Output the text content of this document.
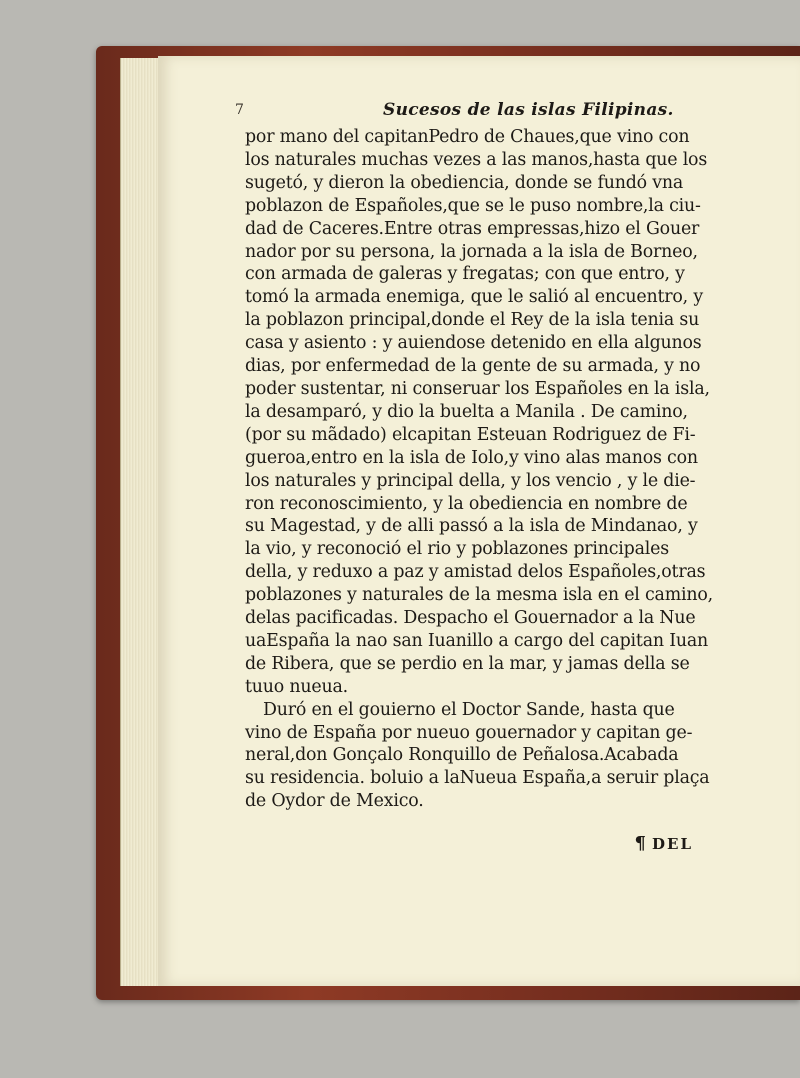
7	Sucesos de las islas Filipinas.
por mano del capitanPedro de Chaues,que vino con
los naturales muchas vezes a las manos,hasta que los
sugetó, y dieron la obediencia, donde se fundó vna
poblazon de Españoles,que se le puso nombre,la ciu-
dad de Caceres.Entre otras empressas,hizo el Gouer
nador por su persona, la jornada a la isla de Borneo,
con armada de galeras y fregatas; con que entro, y
tomó la armada enemiga, que le salió al encuentro, y
la poblazon principal,donde el Rey de la isla tenia su
casa y asiento : y auiendose detenido en ella algunos
dias, por enfermedad de la gente de su armada, y no
poder sustentar, ni conseruar los Españoles en la isla,
la desamparó, y dio la buelta a Manila . De camino,
(por su mãdado) elcapitan Esteuan Rodriguez de Fi-
gueroa,entro en la isla de Iolo,y vino alas manos con
los naturales y principal della, y los vencio , y le die-
ron reconoscimiento, y la obediencia en nombre de
su Magestad, y de alli passó a la isla de Mindanao, y
la vio, y reconoció el rio y poblazones principales
della, y reduxo a paz y amistad delos Españoles,otras
poblazones y naturales de la mesma isla en el camino,
delas pacificadas. Despacho el Gouernador a la Nue
uaEspaña la nao san Iuanillo a cargo del capitan Iuan
de Ribera, que se perdio en la mar, y jamas della se
tuuo nueua.
Duró en el gouierno el Doctor Sande, hasta que
vino de España por nueuo gouernador y capitan ge-
neral,don Gonçalo Ronquillo de Peñalosa.Acabada
su residencia. boluio a laNueua España,a seruir plaça
de Oydor de Mexico.
¶ DEL
